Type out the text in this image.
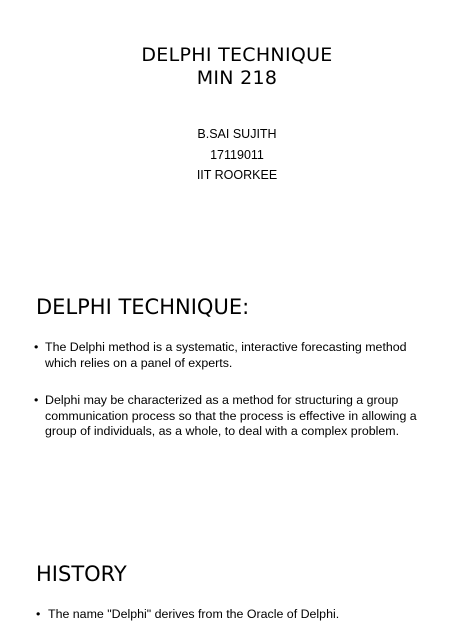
DELPHI TECHNIQUE
MIN 218
B.SAI SUJITH
17119011
IIT ROORKEE
DELPHI TECHNIQUE:
• The Delphi method is a systematic, interactive forecasting method which relies on a panel of experts.
• Delphi may be characterized as a method for structuring a group communication process so that the process is effective in allowing a group of individuals, as a whole, to deal with a complex problem.
HISTORY
• The name "Delphi" derives from the Oracle of Delphi.
